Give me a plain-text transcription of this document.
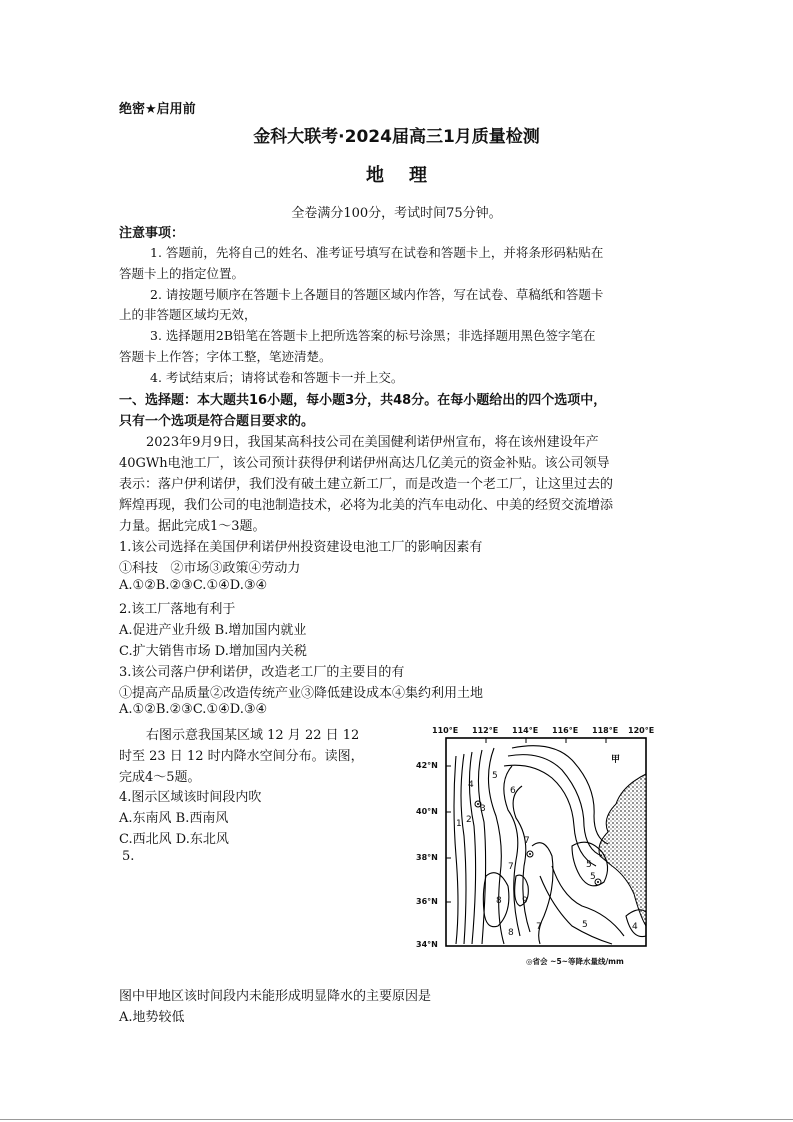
绝密★启用前
金科大联考·2024届高三1月质量检测
地    理
全卷满分100分，考试时间75分钟。
注意事项：
1. 答题前，先将自己的姓名、准考证号填写在试卷和答题卡上，并将条形码粘贴在
答题卡上的指定位置。
2. 请按题号顺序在答题卡上各题目的答题区域内作答，写在试卷、草稿纸和答题卡
上的非答题区域均无效，
3. 选择题用2B铅笔在答题卡上把所选答案的标号涂黑；非选择题用黑色签字笔在
答题卡上作答；字体工整，笔迹清楚。
4. 考试结束后；请将试卷和答题卡一并上交。
一、选择题：本大题共16小题，每小题3分，共48分。在每小题给出的四个选项中，
只有一个选项是符合题目要求的。
2023年9月9日，我国某高科技公司在美国健利诺伊州宣布，将在该州建设年产
40GWh电池工厂，该公司预计获得伊利诺伊州高达几亿美元的资金补贴。该公司领导
表示：落户伊利诺伊，我们没有破土建立新工厂，而是改造一个老工厂，让这里过去的
辉煌再现，我们公司的电池制造技术，必将为北美的汽车电动化、中美的经贸交流增添
力量。据此完成1～3题。
1.该公司选择在美国伊利诺伊州投资建设电池工厂的影响因素有
①科技   ②市场③政策④劳动力
A.①②B.②③C.①④D.③④
2.该工厂落地有利于
A.促进产业升级 B.增加国内就业
C.扩大销售市场 D.增加国内关税
3.该公司落户伊利诺伊，改造老工厂的主要目的有
①提高产品质量②改造传统产业③降低建设成本④集约利用土地
A.①②B.②③C.①④D.③④
右图示意我国某区域 12 月 22 日 12
时至 23 日 12 时内降水空间分布。读图，
完成4～5题。
4.图示区域该时间段内吹
A.东南风 B.西南风
C.西北风 D.东北风
5.
110°E 112°E 114°E 116°E 118°E 120°E
42°N
40°N
38°N
36°N
34°N
甲
4
5
3
1 2
6
7
8 9
5
7
8
5
5
7
4
◎省会 ~5~等降水量线/mm
图中甲地区该时间段内未能形成明显降水的主要原因是
A.地势较低
